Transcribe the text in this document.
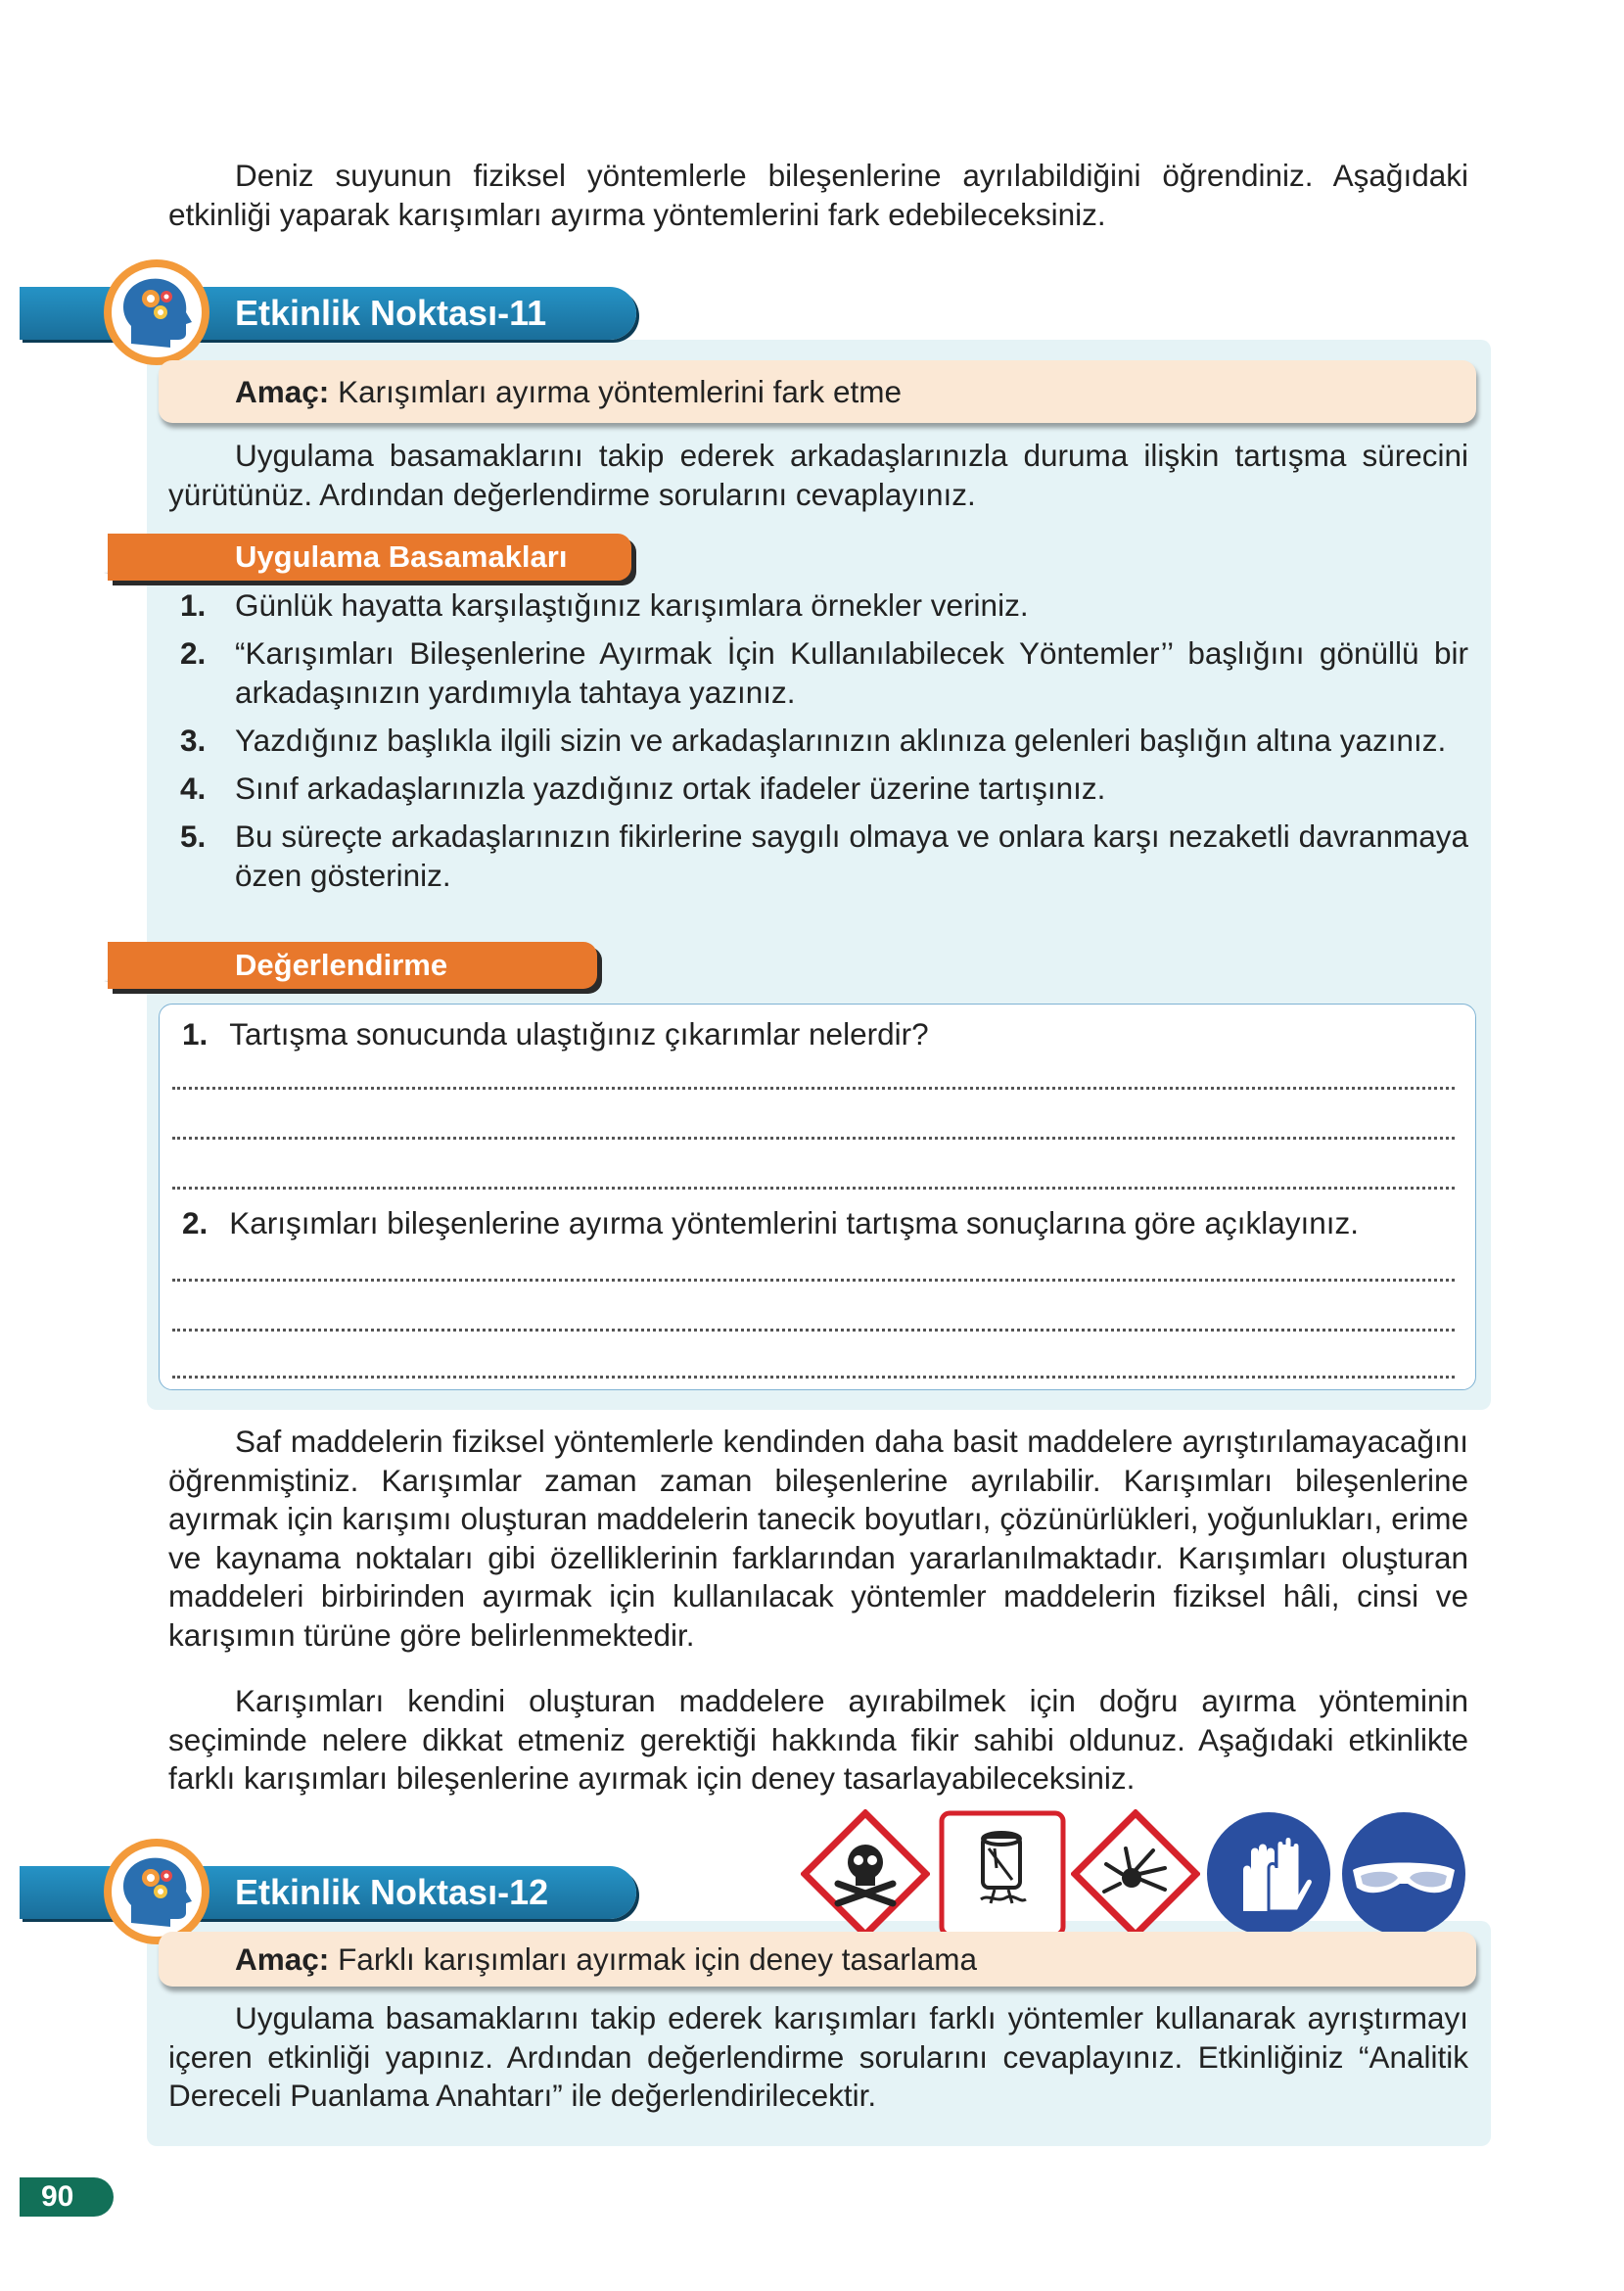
Deniz suyunun fiziksel yöntemlerle bileşenlerine ayrılabildiğini öğrendiniz. Aşağıdaki etkinliği yaparak karışımları ayırma yöntemlerini fark edebileceksiniz.

Etkinlik Noktası-11
Amaç: Karışımları ayırma yöntemlerini fark etme

Uygulama basamaklarını takip ederek arkadaşlarınızla duruma ilişkin tartışma sürecini yürütünüz. Ardından değerlendirme sorularını cevaplayınız.

Uygulama Basamakları
1. Günlük hayatta karşılaştığınız karışımlara örnekler veriniz.
2. “Karışımları Bileşenlerine Ayırmak İçin Kullanılabilecek Yöntemler’’ başlığını gönüllü bir arkadaşınızın yardımıyla tahtaya yazınız.
3. Yazdığınız başlıkla ilgili sizin ve arkadaşlarınızın aklınıza gelenleri başlığın altına yazınız.
4. Sınıf arkadaşlarınızla yazdığınız ortak ifadeler üzerine tartışınız.
5. Bu süreçte arkadaşlarınızın fikirlerine saygılı olmaya ve onlara karşı nezaketli davranmaya özen gösteriniz.
Değerlendirme
1. Tartışma sonucunda ulaştığınız çıkarımlar nelerdir?
2. Karışımları bileşenlerine ayırma yöntemlerini tartışma sonuçlarına göre açıklayınız.

Saf maddelerin fiziksel yöntemlerle kendinden daha basit maddelere ayrıştırılamayacağını öğrenmiştiniz. Karışımlar zaman zaman bileşenlerine ayrılabilir. Karışımları bileşenlerine ayırmak için karışımı oluşturan maddelerin tanecik boyutları, çözünürlükleri, yoğunlukları, erime ve kaynama noktaları gibi özelliklerinin farklarından yararlanılmaktadır. Karışımları oluşturan maddeleri birbirinden ayırmak için kullanılacak yöntemler maddelerin fiziksel hâli, cinsi ve karışımın türüne göre belirlenmektedir.

Karışımları kendini oluşturan maddelere ayırabilmek için doğru ayırma yönteminin seçiminde nelere dikkat etmeniz gerektiği hakkında fikir sahibi oldunuz. Aşağıdaki etkinlikte farklı karışımları bileşenlerine ayırmak için deney tasarlayabileceksiniz.

Etkinlik Noktası-12
Amaç: Farklı karışımları ayırmak için deney tasarlama

Uygulama basamaklarını takip ederek karışımları farklı yöntemler kullanarak ayrıştırmayı içeren etkinliği yapınız. Ardından değerlendirme sorularını cevaplayınız. Etkinliğiniz “Analitik Dereceli Puanlama Anahtarı” ile değerlendirilecektir.

90
